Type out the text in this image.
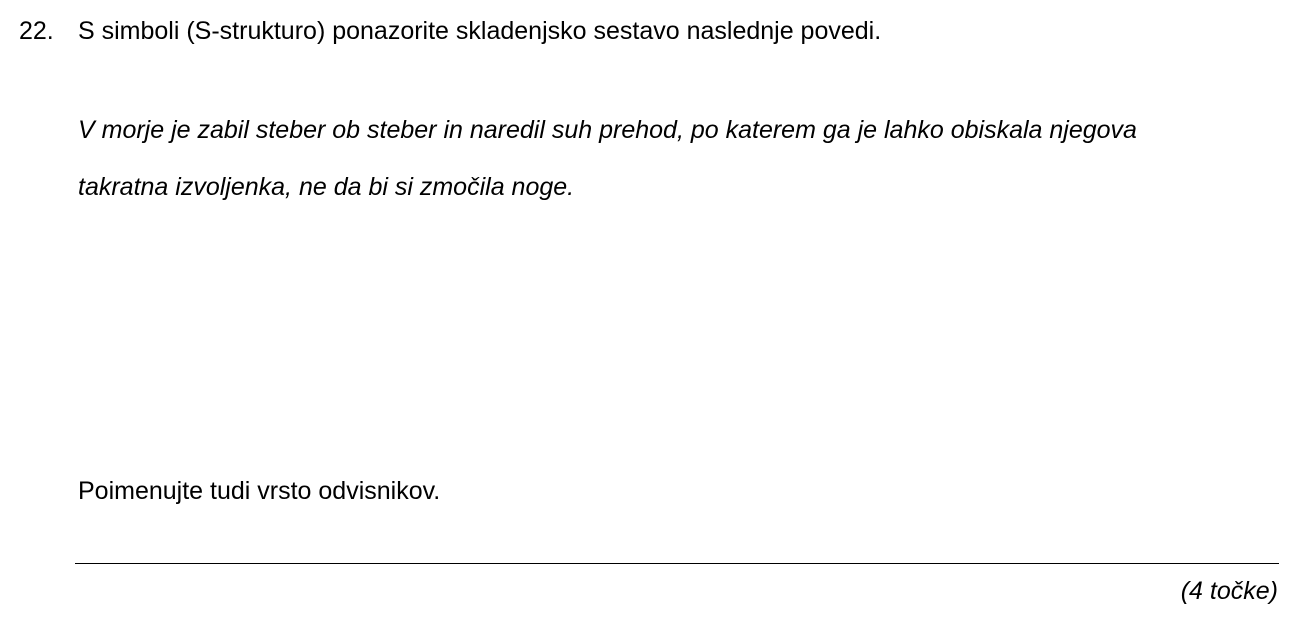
22. S simboli (S-strukturo) ponazorite skladenjsko sestavo naslednje povedi.
V morje je zabil steber ob steber in naredil suh prehod, po katerem ga je lahko obiskala njegova
takratna izvoljenka, ne da bi si zmočila noge.
Poimenujte tudi vrsto odvisnikov.
(4 točke)
